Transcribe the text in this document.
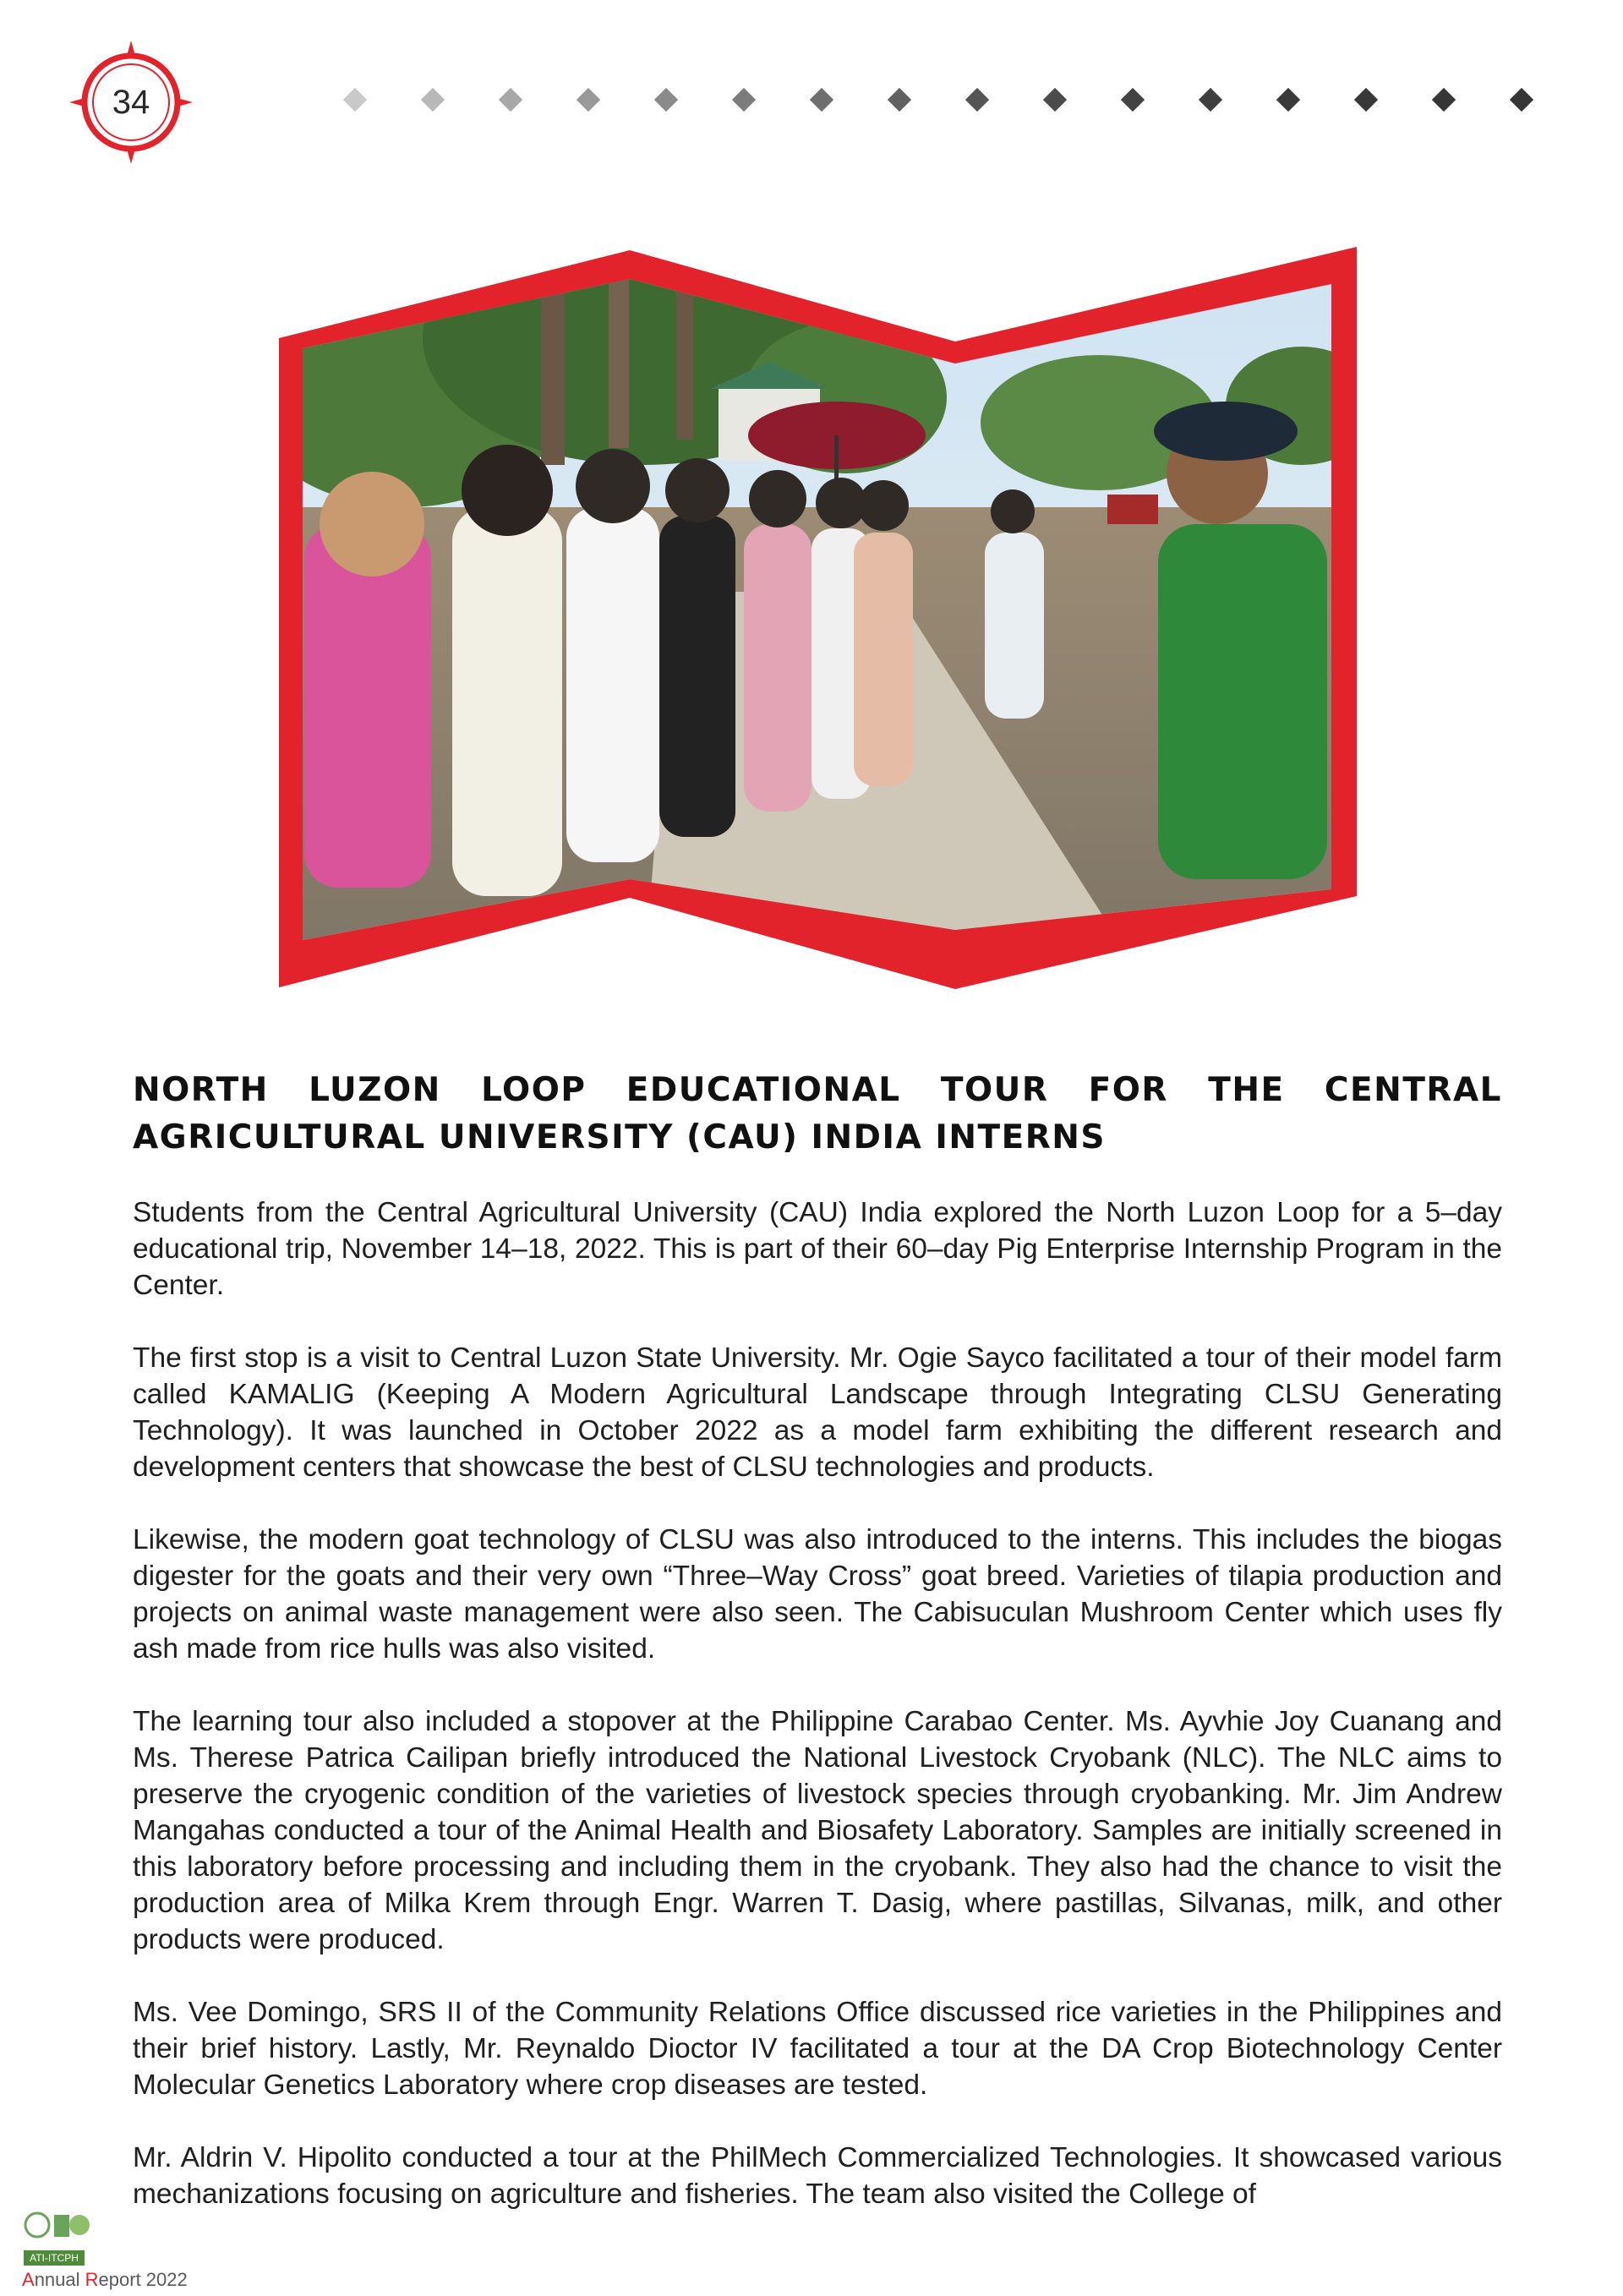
34
NORTH LUZON LOOP EDUCATIONAL TOUR FOR THE CENTRAL AGRICULTURAL UNIVERSITY (CAU) INDIA INTERNS

Students from the Central Agricultural University (CAU) India explored the North Luzon Loop for a 5–day educational trip, November 14–18, 2022. This is part of their 60–day Pig Enterprise Internship Program in the Center.

The first stop is a visit to Central Luzon State University. Mr. Ogie Sayco facilitated a tour of their model farm called KAMALIG (Keeping A Modern Agricultural Landscape through Integrating CLSU Generating Technology). It was launched in October 2022 as a model farm exhibiting the different research and development centers that showcase the best of CLSU technologies and products.

Likewise, the modern goat technology of CLSU was also introduced to the interns. This includes the biogas digester for the goats and their very own “Three–Way Cross” goat breed. Varieties of tilapia production and projects on animal waste management were also seen. The Cabisuculan Mushroom Center which uses fly ash made from rice hulls was also visited.

The learning tour also included a stopover at the Philippine Carabao Center. Ms. Ayvhie Joy Cuanang and Ms. Therese Patrica Cailipan briefly introduced the National Livestock Cryobank (NLC). The NLC aims to preserve the cryogenic condition of the varieties of livestock species through cryobanking. Mr. Jim Andrew Mangahas conducted a tour of the Animal Health and Biosafety Laboratory. Samples are initially screened in this laboratory before processing and including them in the cryobank. They also had the chance to visit the production area of Milka Krem through Engr. Warren T. Dasig, where pastillas, Silvanas, milk, and other products were produced.

Ms. Vee Domingo, SRS II of the Community Relations Office discussed rice varieties in the Philippines and their brief history. Lastly, Mr. Reynaldo Dioctor IV facilitated a tour at the DA Crop Biotechnology Center Molecular Genetics Laboratory where crop diseases are tested.

Mr. Aldrin V. Hipolito conducted a tour at the PhilMech Commercialized Technologies. It showcased various mechanizations focusing on agriculture and fisheries. The team also visited the College of

ATI-ITCPH
Annual Report 2022
